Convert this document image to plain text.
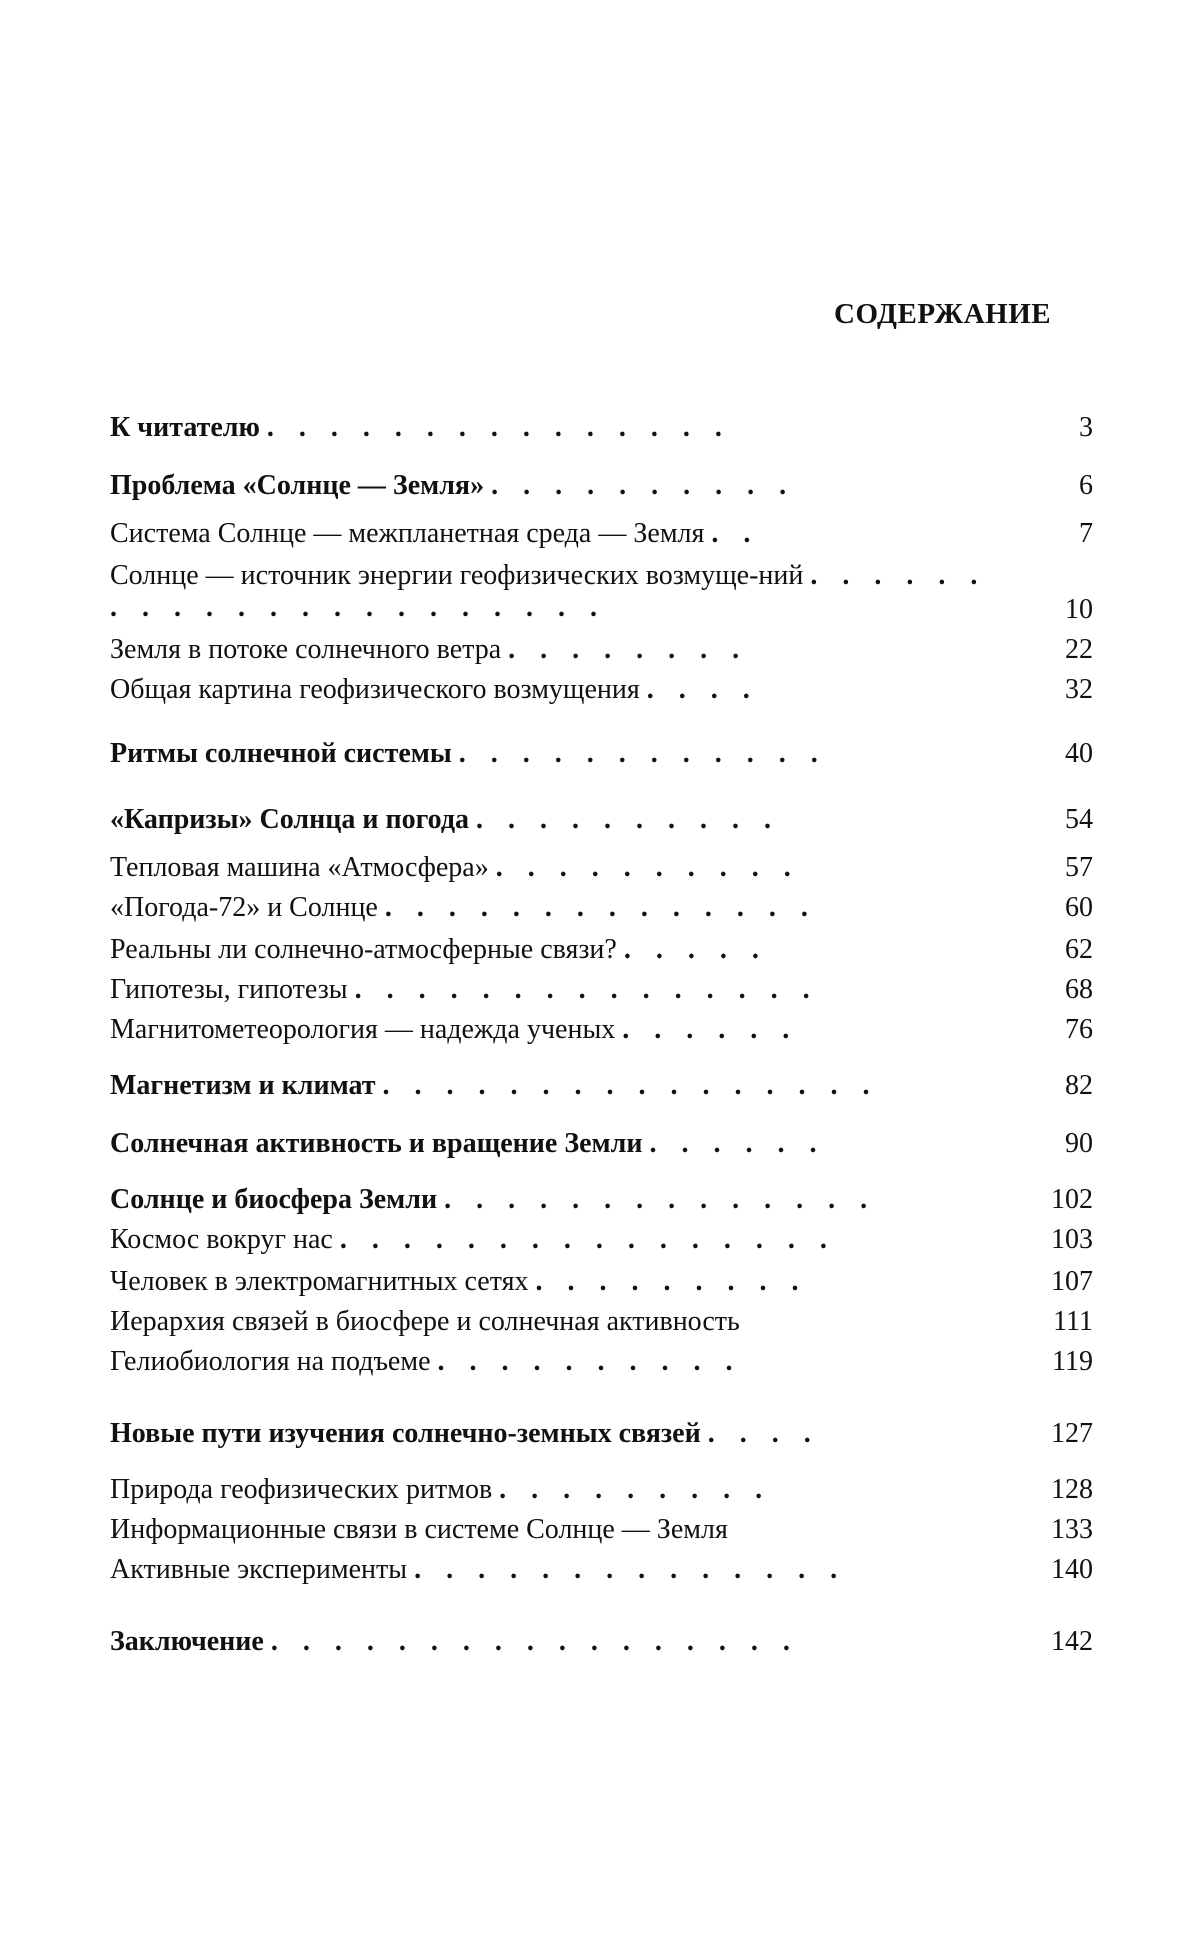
СОДЕРЖАНИЕ
К читателю . . . . . . . . . . . . . . .	3
Проблема «Солнце — Земля» . . . . . . . . . .	6
Система Солнце — межпланетная среда — Земля . .	7
Солнце — источник энергии геофизических возмуще-ний . . . . . . . . . . . . . . . . . . . . . .	10
Земля в потоке солнечного ветра . . . . . . . .	22
Общая картина геофизического возмущения . . . .	32
Ритмы солнечной системы . . . . . . . . . . . .	40
«Капризы» Солнца и погода . . . . . . . . . .	54
Тепловая машина «Атмосфера» . . . . . . . . . .	57
«Погода-72» и Солнце . . . . . . . . . . . . . .	60
Реальны ли солнечно-атмосферные связи? . . . . .	62
Гипотезы, гипотезы . . . . . . . . . . . . . . .	68
Магнитометеорология — надежда ученых . . . . . .	76
Магнетизм и климат . . . . . . . . . . . . . . . .	82
Солнечная активность и вращение Земли . . . . . .	90
Солнце и биосфера Земли . . . . . . . . . . . . . .	102
Космос вокруг нас . . . . . . . . . . . . . . . .	103
Человек в электромагнитных сетях . . . . . . . . .	107
Иерархия связей в биосфере и солнечная активность	111
Гелиобиология на подъеме . . . . . . . . . .	119
Новые пути изучения солнечно-земных связей . . . .	127
Природа геофизических ритмов . . . . . . . . .	128
Информационные связи в системе Солнце — Земля	133
Активные эксперименты . . . . . . . . . . . . . .	140
Заключение . . . . . . . . . . . . . . . . .	142
